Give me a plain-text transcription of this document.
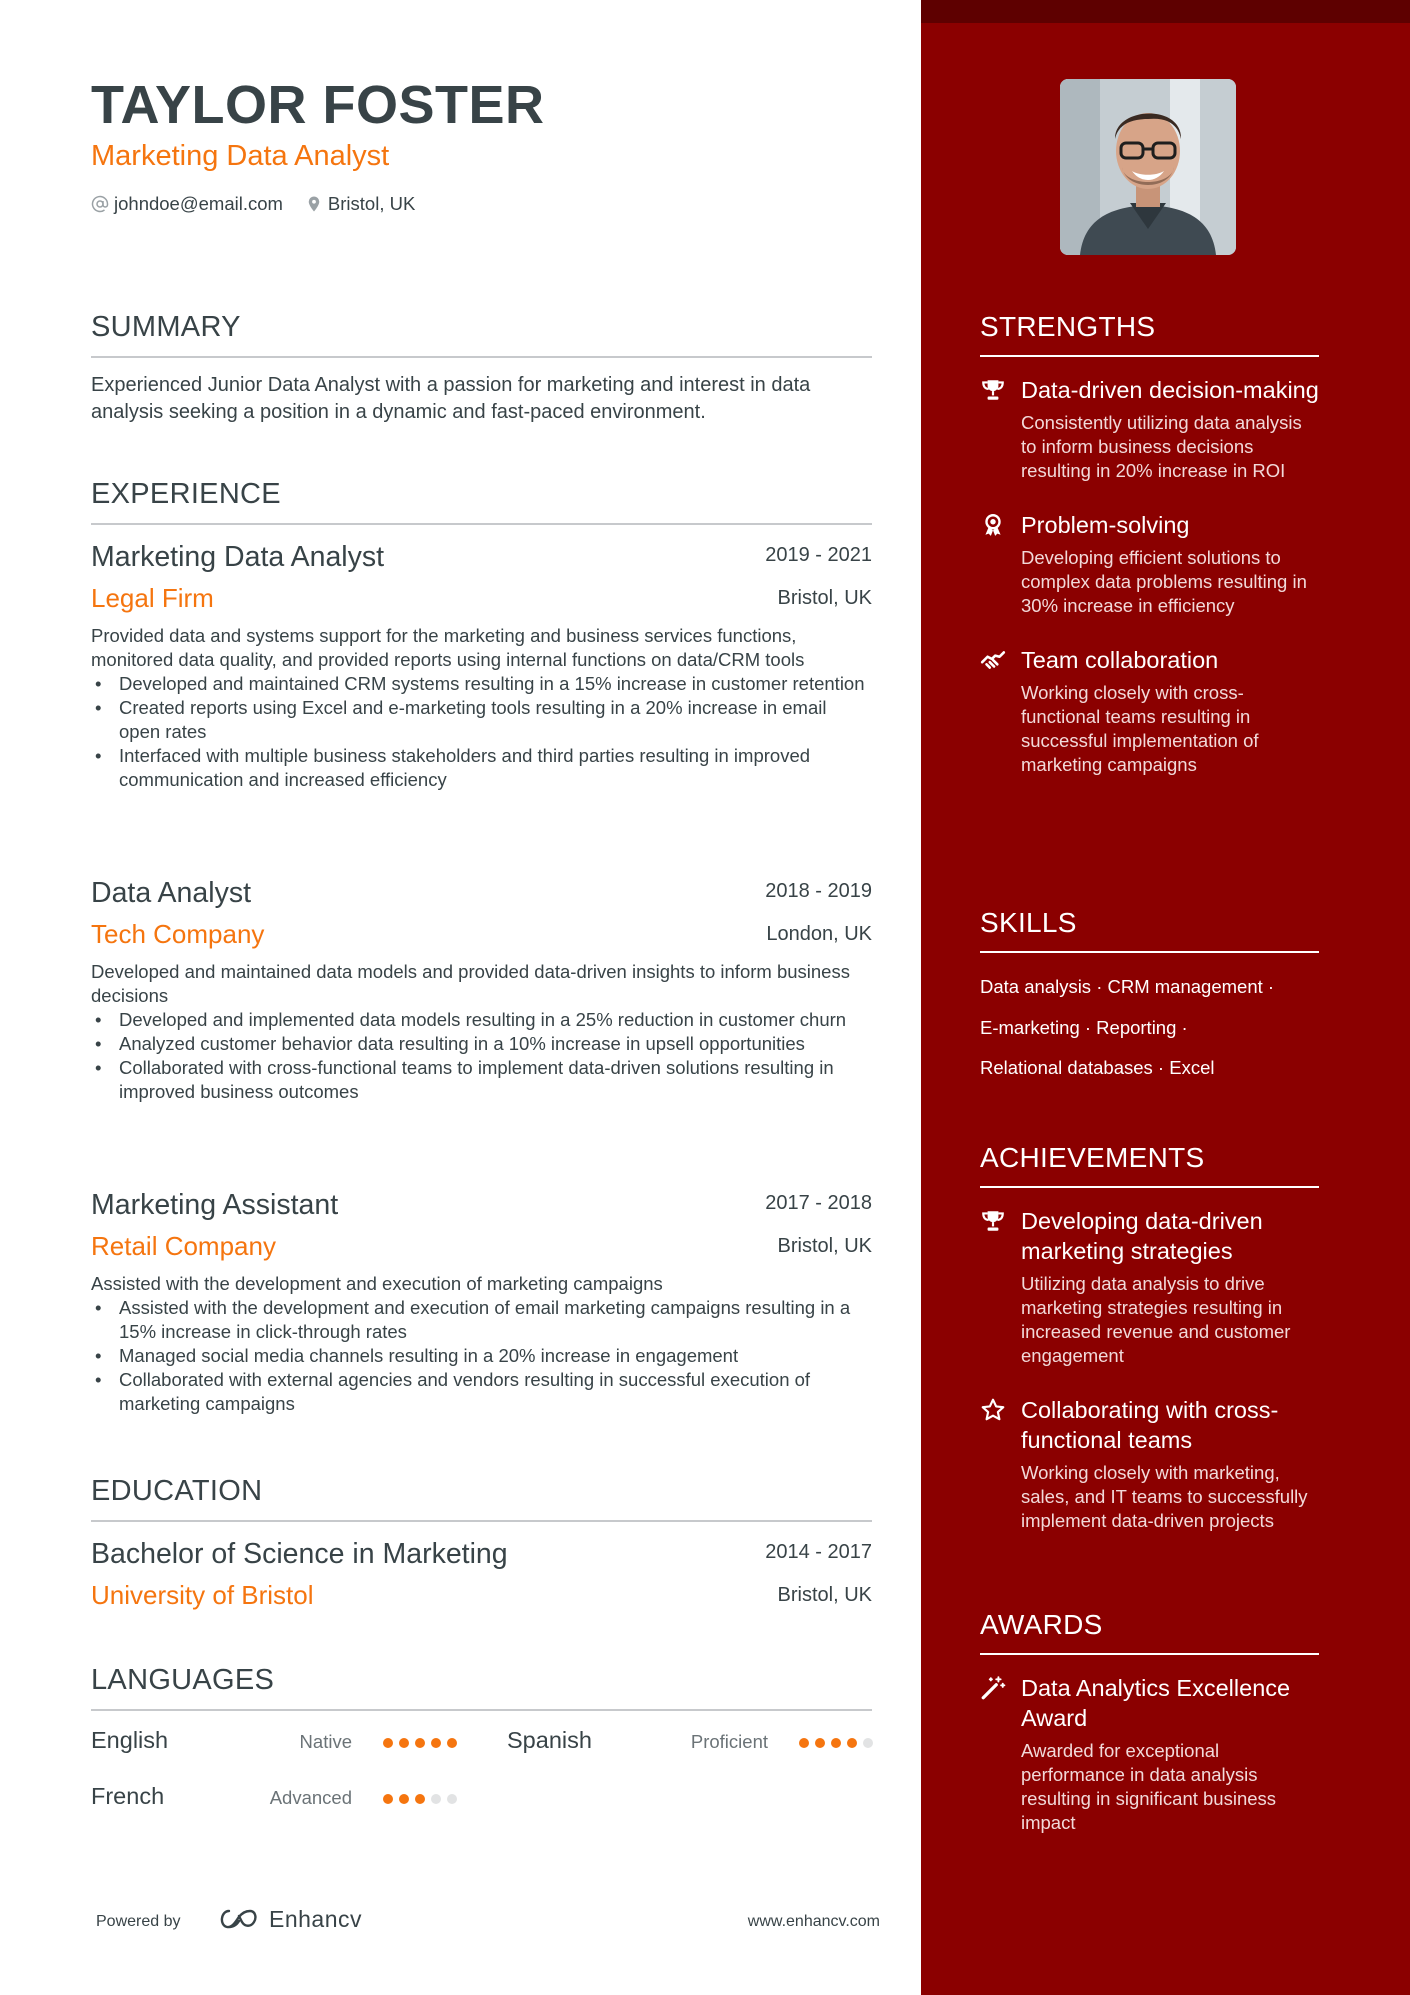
TAYLOR FOSTER
Marketing Data Analyst
johndoe@email.com Bristol, UK
SUMMARY
Experienced Junior Data Analyst with a passion for marketing and interest in data analysis seeking a position in a dynamic and fast-paced environment.
EXPERIENCE
Marketing Data Analyst	2019 - 2021
Legal Firm	Bristol, UK
Provided data and systems support for the marketing and business services functions, monitored data quality, and provided reports using internal functions on data/CRM tools
• Developed and maintained CRM systems resulting in a 15% increase in customer retention
• Created reports using Excel and e-marketing tools resulting in a 20% increase in email open rates
• Interfaced with multiple business stakeholders and third parties resulting in improved communication and increased efficiency
Data Analyst	2018 - 2019
Tech Company	London, UK
Developed and maintained data models and provided data-driven insights to inform business decisions
• Developed and implemented data models resulting in a 25% reduction in customer churn
• Analyzed customer behavior data resulting in a 10% increase in upsell opportunities
• Collaborated with cross-functional teams to implement data-driven solutions resulting in improved business outcomes
Marketing Assistant	2017 - 2018
Retail Company	Bristol, UK
Assisted with the development and execution of marketing campaigns
• Assisted with the development and execution of email marketing campaigns resulting in a 15% increase in click-through rates
• Managed social media channels resulting in a 20% increase in engagement
• Collaborated with external agencies and vendors resulting in successful execution of marketing campaigns
EDUCATION
Bachelor of Science in Marketing	2014 - 2017
University of Bristol	Bristol, UK
LANGUAGES
English	Native	Spanish	Proficient
French	Advanced
Powered by	Enhancv	www.enhancv.com
STRENGTHS
Data-driven decision-making
Consistently utilizing data analysis to inform business decisions resulting in 20% increase in ROI
Problem-solving
Developing efficient solutions to complex data problems resulting in 30% increase in efficiency
Team collaboration
Working closely with cross-functional teams resulting in successful implementation of marketing campaigns
SKILLS
Data analysis · CRM management ·
E-marketing · Reporting ·
Relational databases · Excel
ACHIEVEMENTS
Developing data-driven marketing strategies
Utilizing data analysis to drive marketing strategies resulting in increased revenue and customer engagement
Collaborating with cross-functional teams
Working closely with marketing, sales, and IT teams to successfully implement data-driven projects
AWARDS
Data Analytics Excellence Award
Awarded for exceptional performance in data analysis resulting in significant business impact
